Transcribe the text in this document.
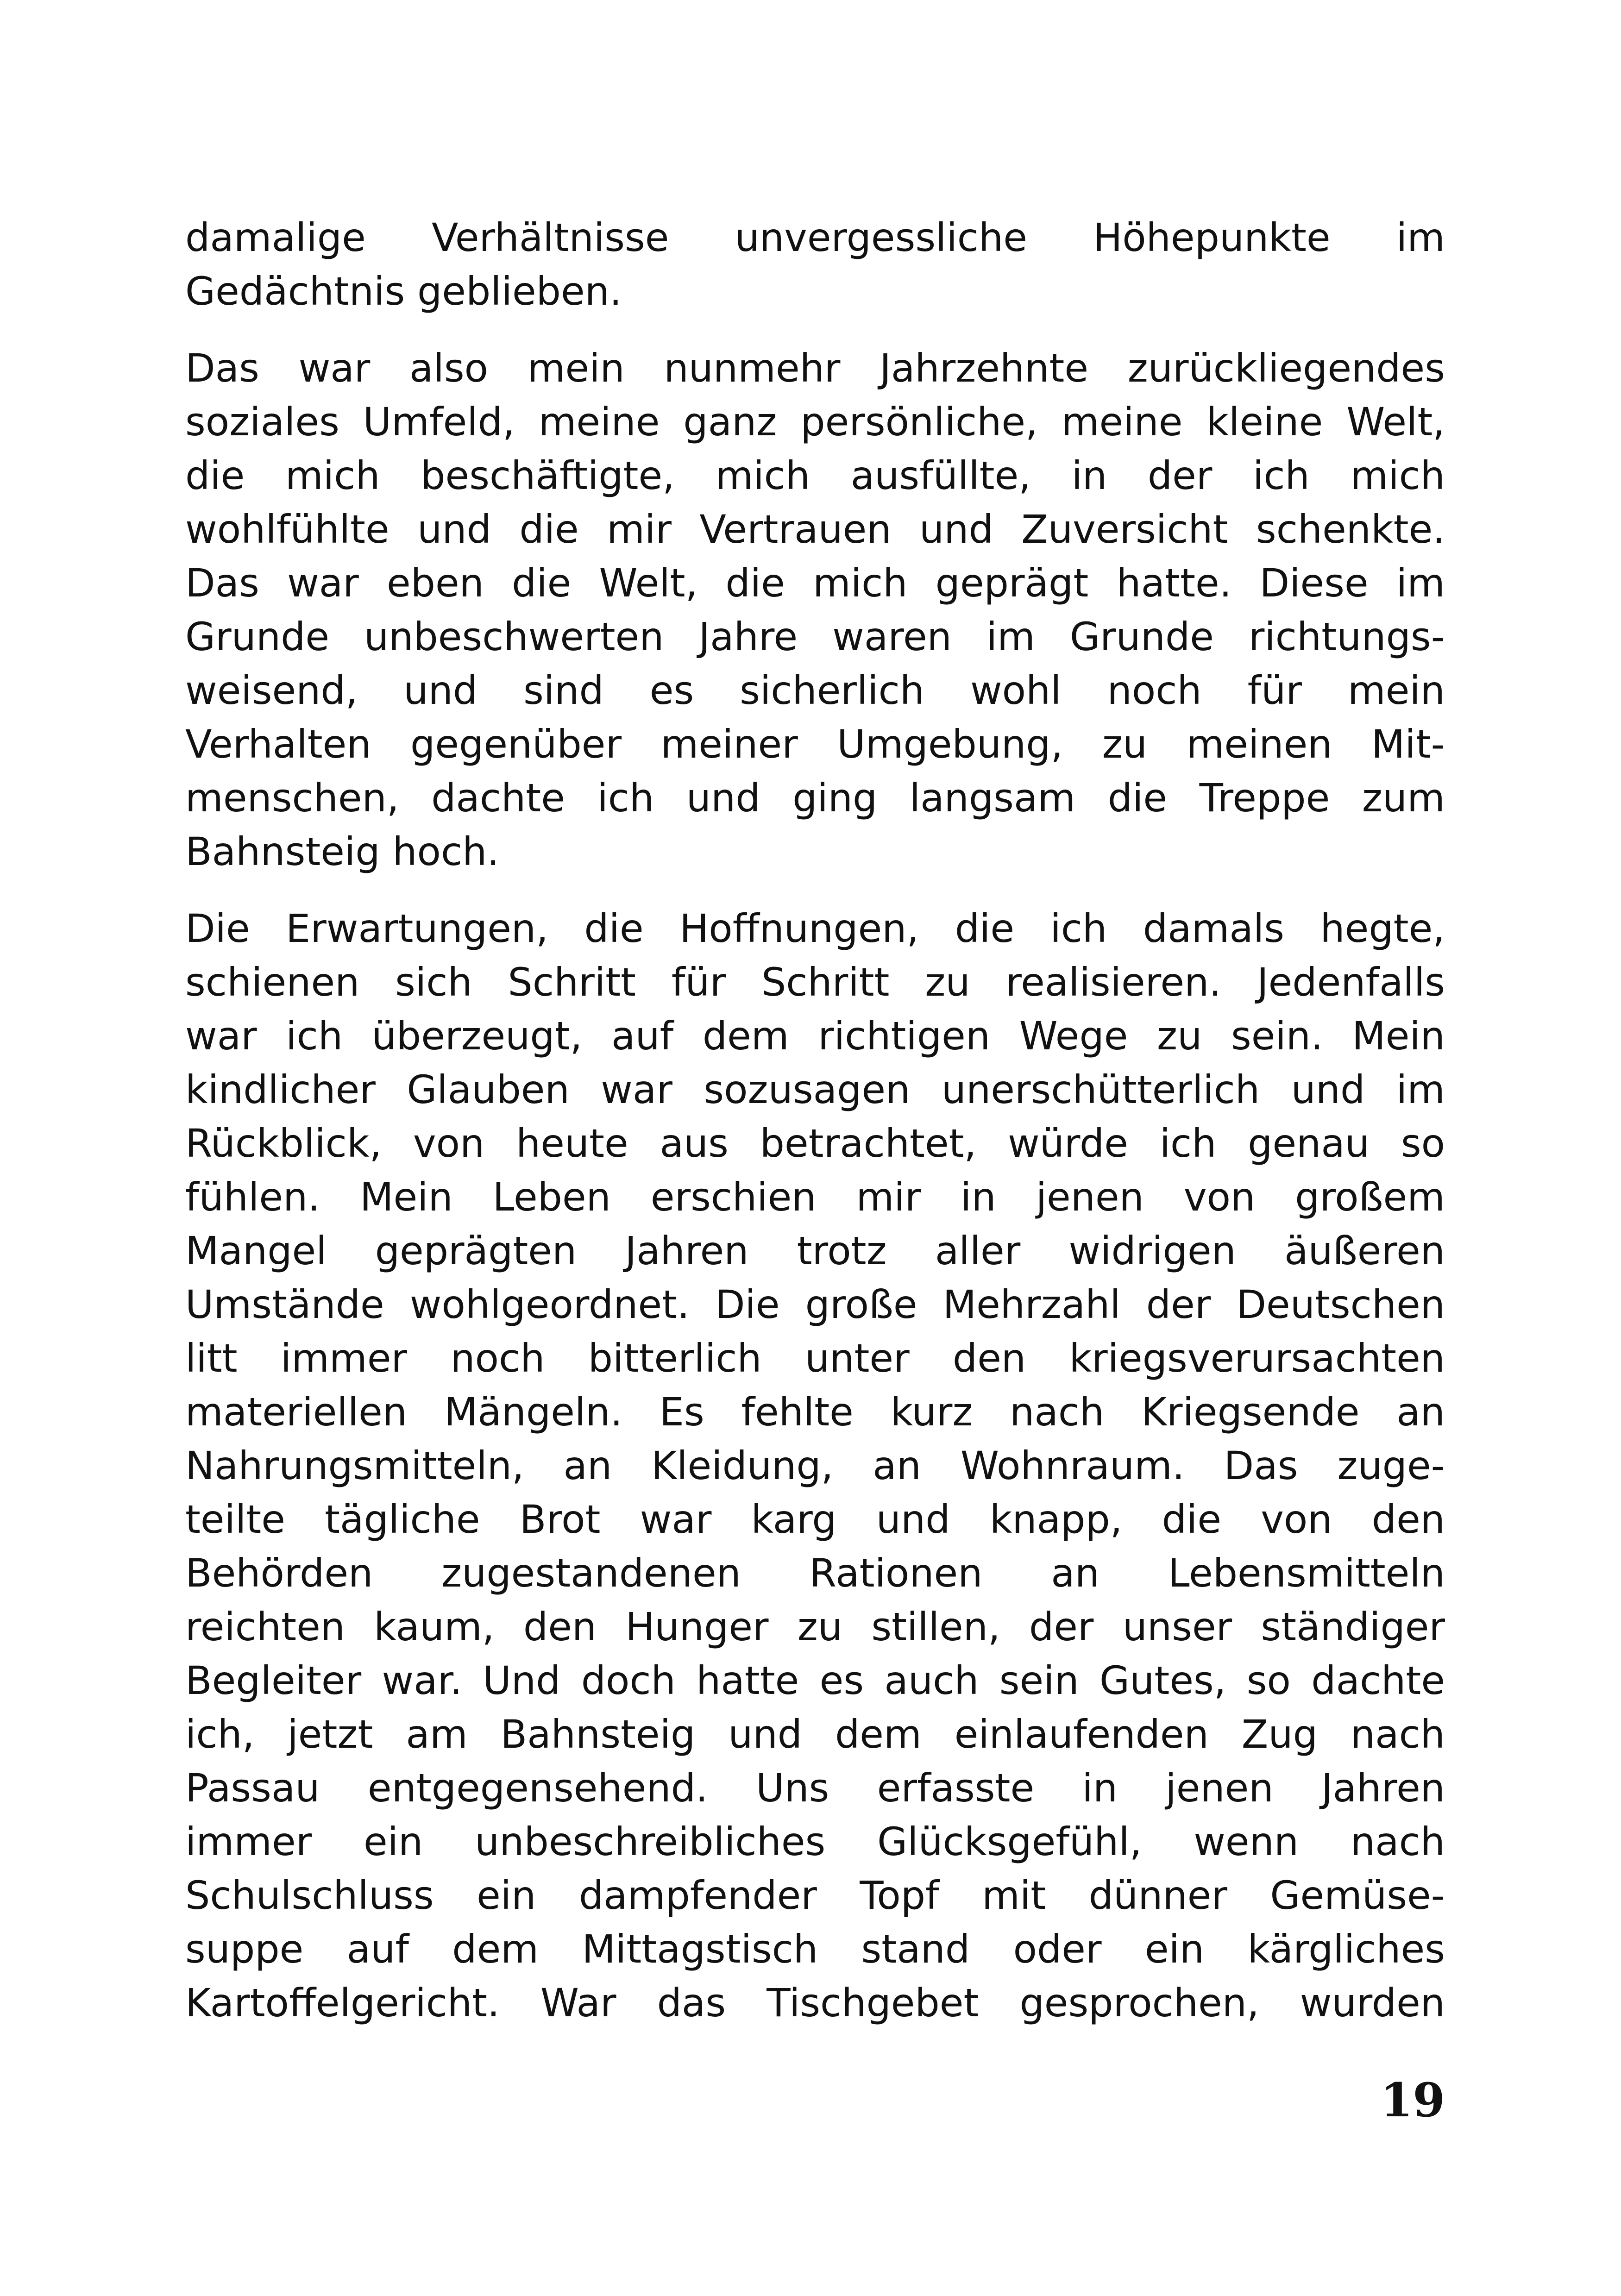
damalige Verhältnisse unvergessliche Höhepunkte im
Gedächtnis geblieben.

Das war also mein nunmehr Jahrzehnte zurückliegendes
soziales Umfeld, meine ganz persönliche, meine kleine Welt,
die mich beschäftigte, mich ausfüllte, in der ich mich
wohlfühlte und die mir Vertrauen und Zuversicht schenkte.
Das war eben die Welt, die mich geprägt hatte. Diese im
Grunde unbeschwerten Jahre waren im Grunde richtungs-
weisend, und sind es sicherlich wohl noch für mein
Verhalten gegenüber meiner Umgebung, zu meinen Mit-
menschen, dachte ich und ging langsam die Treppe zum
Bahnsteig hoch.

Die Erwartungen, die Hoffnungen, die ich damals hegte,
schienen sich Schritt für Schritt zu realisieren. Jedenfalls
war ich überzeugt, auf dem richtigen Wege zu sein. Mein
kindlicher Glauben war sozusagen unerschütterlich und im
Rückblick, von heute aus betrachtet, würde ich genau so
fühlen. Mein Leben erschien mir in jenen von großem
Mangel geprägten Jahren trotz aller widrigen äußeren
Umstände wohlgeordnet. Die große Mehrzahl der Deutschen
litt immer noch bitterlich unter den kriegsverursachten
materiellen Mängeln. Es fehlte kurz nach Kriegsende an
Nahrungsmitteln, an Kleidung, an Wohnraum. Das zuge-
teilte tägliche Brot war karg und knapp, die von den
Behörden zugestandenen Rationen an Lebensmitteln
reichten kaum, den Hunger zu stillen, der unser ständiger
Begleiter war. Und doch hatte es auch sein Gutes, so dachte
ich, jetzt am Bahnsteig und dem einlaufenden Zug nach
Passau entgegensehend. Uns erfasste in jenen Jahren
immer ein unbeschreibliches Glücksgefühl, wenn nach
Schulschluss ein dampfender Topf mit dünner Gemüse-
suppe auf dem Mittagstisch stand oder ein kärgliches
Kartoffelgericht. War das Tischgebet gesprochen, wurden

19
